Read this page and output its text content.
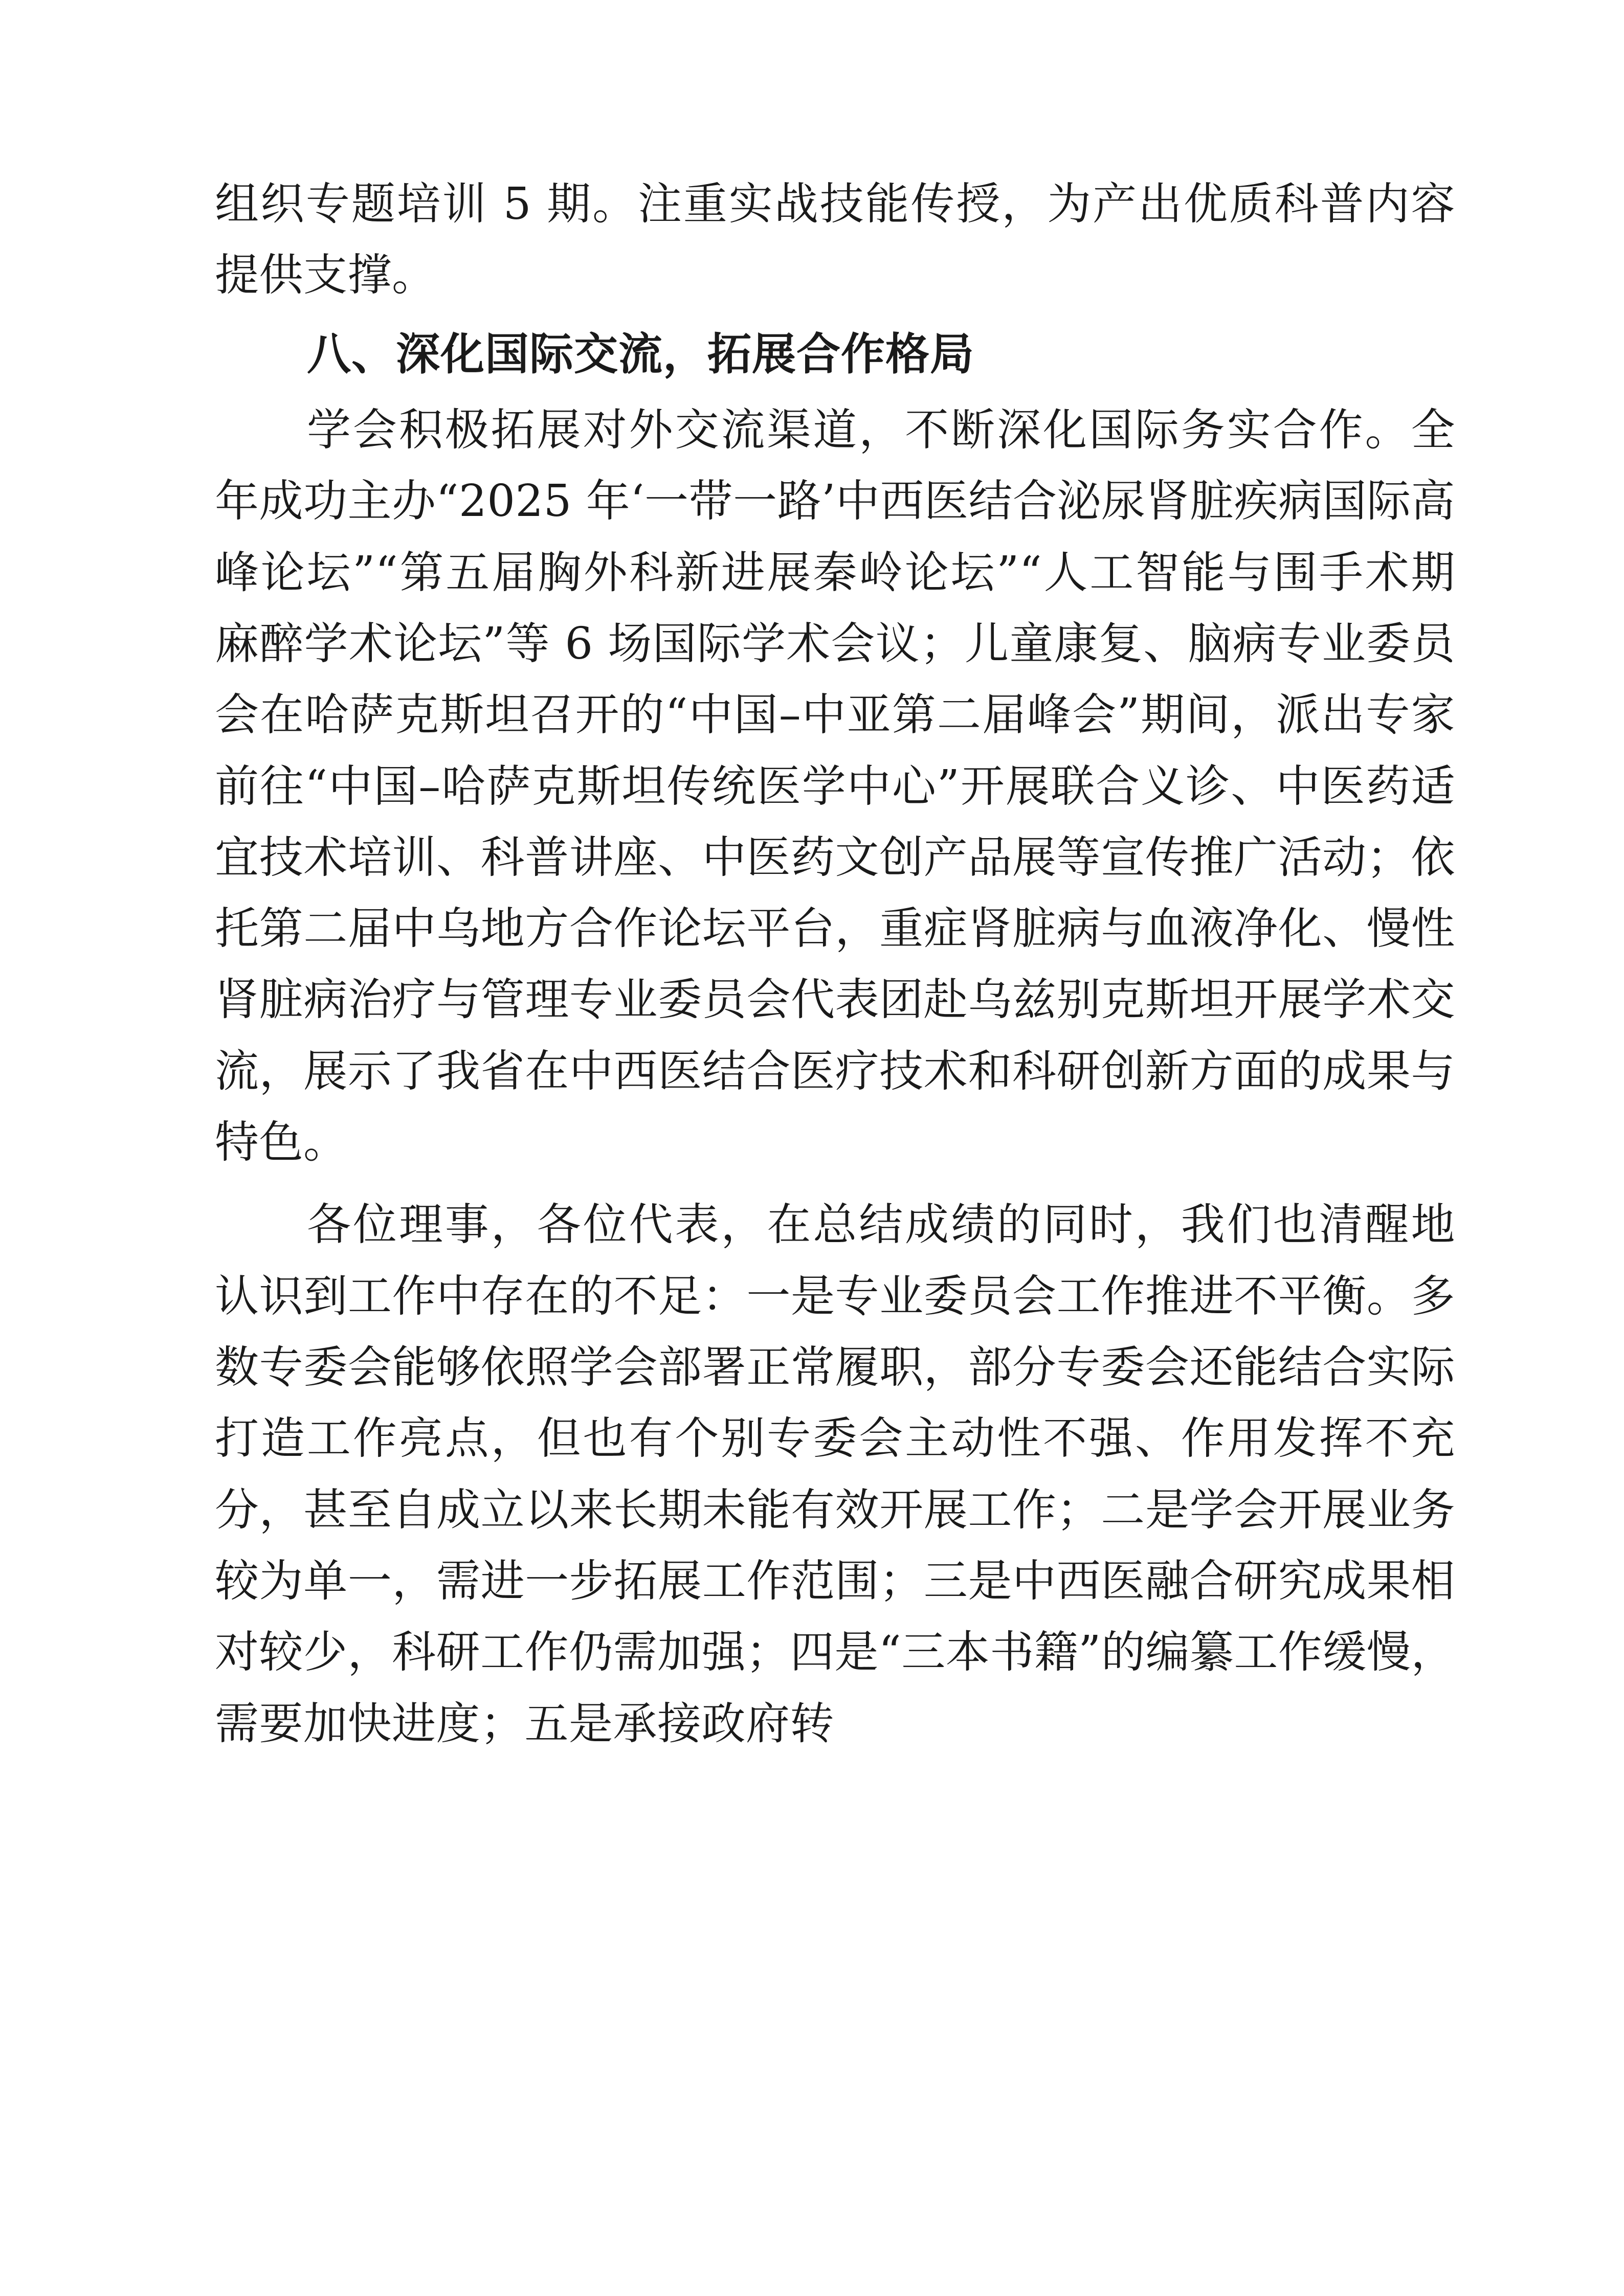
组织专题培训 5 期。注重实战技能传授，为产出优质科普内容提供支撑。

八、深化国际交流，拓展合作格局

学会积极拓展对外交流渠道，不断深化国际务实合作。全年成功主办“2025 年‘一带一路’中西医结合泌尿肾脏疾病国际高峰论坛”“第五届胸外科新进展秦岭论坛”“人工智能与围手术期麻醉学术论坛”等 6 场国际学术会议；儿童康复、脑病专业委员会在哈萨克斯坦召开的“中国–中亚第二届峰会”期间，派出专家前往“中国–哈萨克斯坦传统医学中心”开展联合义诊、中医药适宜技术培训、科普讲座、中医药文创产品展等宣传推广活动；依托第二届中乌地方合作论坛平台，重症肾脏病与血液净化、慢性肾脏病治疗与管理专业委员会代表团赴乌兹别克斯坦开展学术交流，展示了我省在中西医结合医疗技术和科研创新方面的成果与特色。

各位理事，各位代表，在总结成绩的同时，我们也清醒地认识到工作中存在的不足：一是专业委员会工作推进不平衡。多数专委会能够依照学会部署正常履职，部分专委会还能结合实际打造工作亮点，但也有个别专委会主动性不强、作用发挥不充分，甚至自成立以来长期未能有效开展工作；二是学会开展业务较为单一，需进一步拓展工作范围；三是中西医融合研究成果相对较少，科研工作仍需加强；四是“三本书籍”的编纂工作缓慢，需要加快进度；五是承接政府转
